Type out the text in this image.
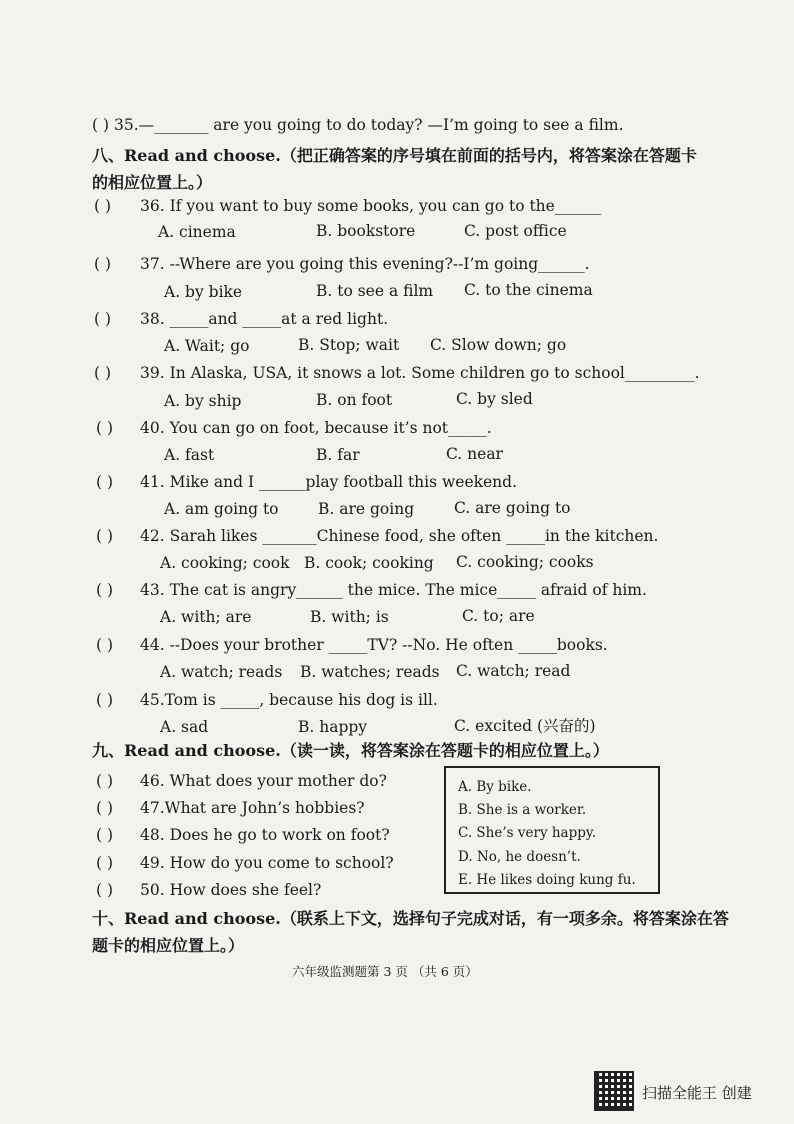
( ) 35.—_______ are you going to do today? —I’m going to see a film.
八、Read and choose.（把正确答案的序号填在前面的括号内，将答案涂在答题卡
的相应位置上。）
( ) 36. If you want to buy some books, you can go to the______
A. cinema	B. bookstore	C. post office
( ) 37. --Where are you going this evening?--I’m going______.
A. by bike	B. to see a film C. to the cinema
( ) 38. _____and _____at a red light.
A. Wait; go	B. Stop; wait C. Slow down; go
( ) 39. In Alaska, USA, it snows a lot. Some children go to school_________.
A. by ship	B. on foot	C. by sled
( ) 40. You can go on foot, because it’s not_____.
A. fast	B. far	C. near
( ) 41. Mike and I ______play football this weekend.
A. am going to	B. are going	C. are going to
( ) 42. Sarah likes _______Chinese food, she often _____in the kitchen.
A. cooking; cook B. cook; cooking C. cooking; cooks
( ) 43. The cat is angry______ the mice. The mice_____ afraid of him.
A. with; are	B. with; is	C. to; are
( ) 44. --Does your brother _____TV? --No. He often _____books.
A. watch; reads B. watches; reads C. watch; read
( ) 45.Tom is _____, because his dog is ill.
A. sad	B. happy	C. excited (兴奋的)
九、Read and choose.（读一读，将答案涂在答题卡的相应位置上。）
( ) 46. What does your mother do?
( ) 47.What are John’s hobbies?
( ) 48. Does he go to work on foot?
( ) 49. How do you come to school?
( ) 50. How does she feel?
A. By bike.
B. She is a worker.
C. She’s very happy.
D. No, he doesn’t.
E. He likes doing kung fu.
十、Read and choose.（联系上下文，选择句子完成对话，有一项多余。将答案涂在答
题卡的相应位置上。）
六年级监测题第 3 页 （共 6 页）
扫描全能王 创建
